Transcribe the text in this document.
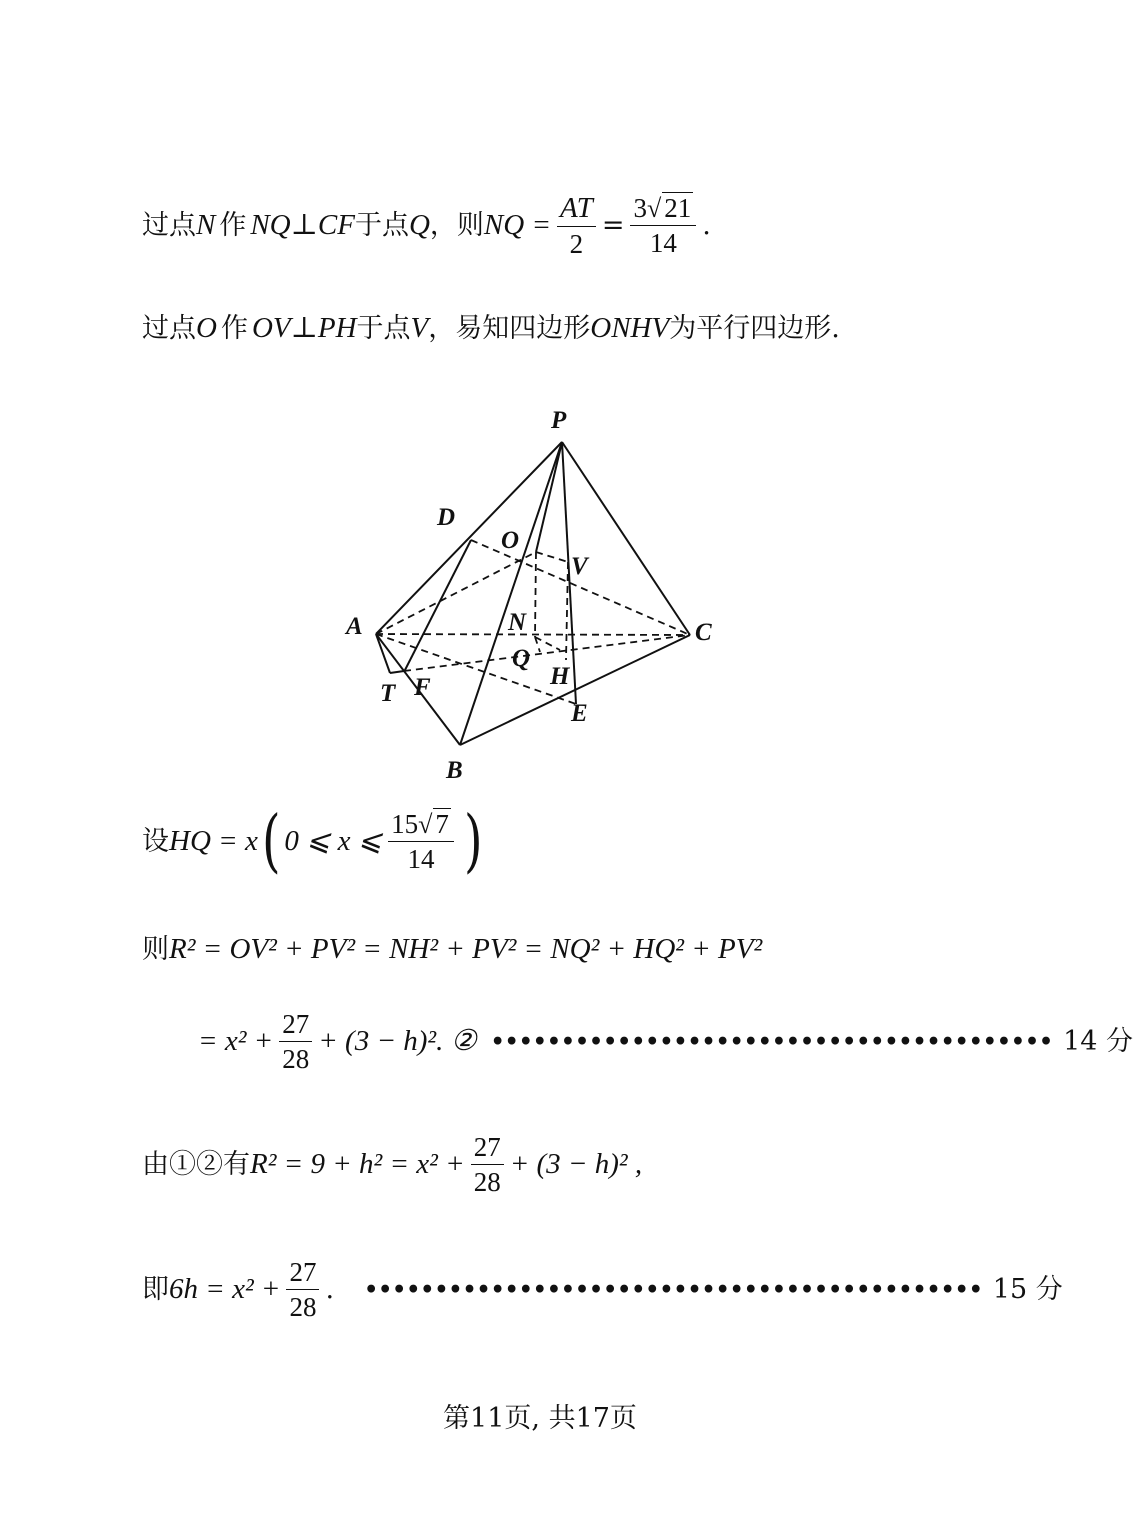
过点 N 作 NQ⊥CF 于点 Q ，则 NQ = $\frac{AT}{2} = \frac{3√ 21}{14}$ .
过点 O 作 OV⊥PH 于点 V ，易知四边形 ONHV 为平行四边形.
P
D
O
V
A	N	C
Q
H
T F
E
B
设 HQ = x ( 0 ⩽ x ⩽ $\frac{15√ 7}{14}$ )
则 R² = OV² + PV² = NH² + PV² = NQ² + HQ² + PV²
= $x^2 + \frac{27}{28} + (3 - h)^2$. ② •••••••••••••••••••••••••••••••••••••••• 14 分
由①②有 $R^2 = 9 + h^2 = x^2 + \frac{27}{28} + (3 - h)^2$ ,
即 $6h = x^2 + \frac{27}{28}$ . •••••••••••••••••••••••••••••••••••••••••••• 15 分
第11页, 共17页
